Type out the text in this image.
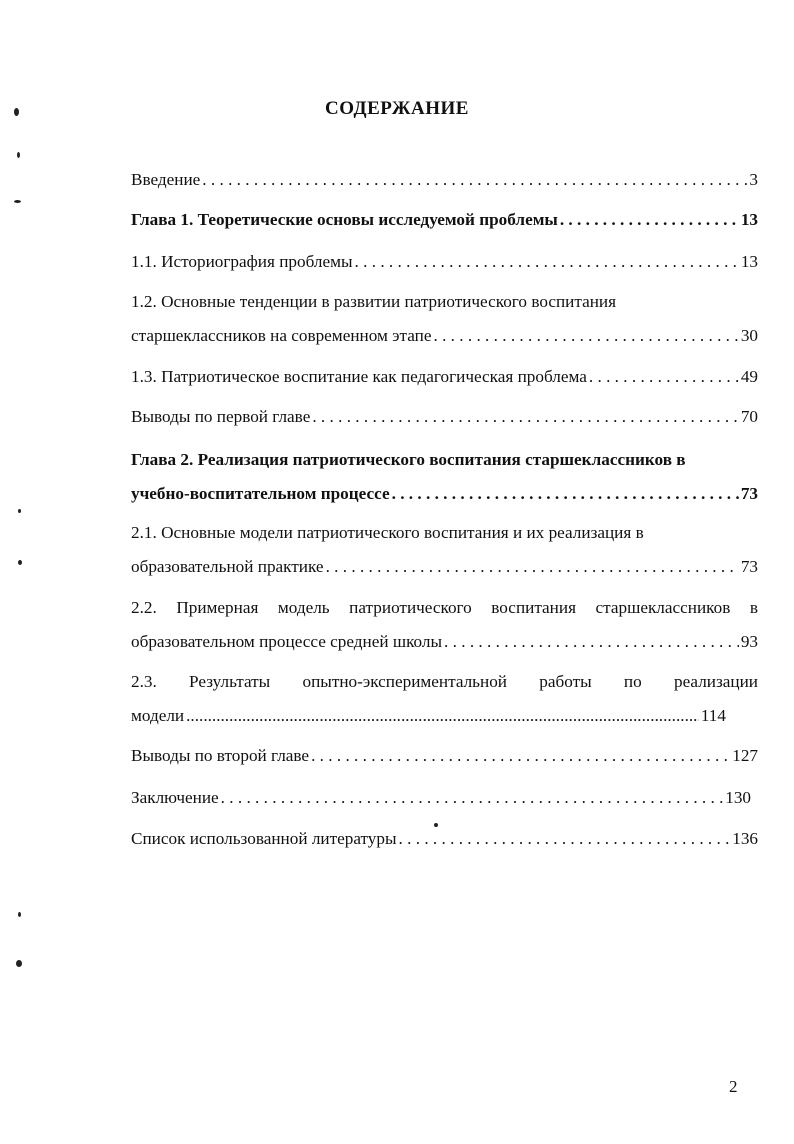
СОДЕРЖАНИЕ
Введение . . .	3
Глава 1. Теоретические основы исследуемой проблемы . . .	13
1.1. Историография проблемы . . .	13
1.2. Основные тенденции в развитии патриотического воспитания
старшеклассников на современном этапе . . .	30
1.3. Патриотическое воспитание как педагогическая проблема . . .	49
Выводы по первой главе . . .	70
Глава 2. Реализация патриотического воспитания старшеклассников в
учебно-воспитательном процессе . . .	73
2.1. Основные модели патриотического воспитания и их реализация в
образовательной практике . . .	73
2.2. Примерная модель патриотического воспитания старшеклассников в
образовательном процессе средней школы . . .	93
2.3. Результаты опытно-экспериментальной работы по реализации
модели .....	114
Выводы по второй главе . . .	127
Заключение . . .	130
Список использованной литературы . . .	136
2
